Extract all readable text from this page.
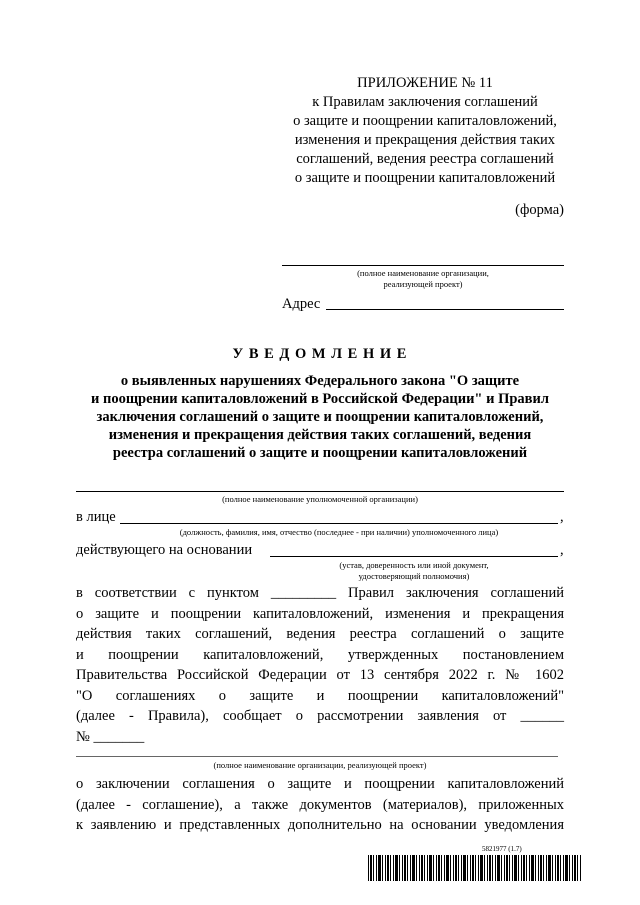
ПРИЛОЖЕНИЕ № 11
к Правилам заключения соглашений
о защите и поощрении капиталовложений,
изменения и прекращения действия таких
соглашений, ведения реестра соглашений
о защите и поощрении капиталовложений
(форма)
(полное наименование организации,
реализующей проект)
Адрес
У В Е Д О М Л Е Н И Е
о выявленных нарушениях Федерального закона "О защите
и поощрении капиталовложений в Российской Федерации" и Правил
заключения соглашений о защите и поощрении капиталовложений,
изменения и прекращения действия таких соглашений, ведения
реестра соглашений о защите и поощрении капиталовложений
(полное наименование уполномоченной организации)
в лице	,
(должность, фамилия, имя, отчество (последнее - при наличии) уполномоченного лица)
действующего на основании	,
(устав, доверенность или иной документ,
удостоверяющий полномочия)
в соответствии с пунктом _________ Правил заключения соглашений
о защите и поощрении капиталовложений, изменения и прекращения
действия таких соглашений, ведения реестра соглашений о защите
и поощрении капиталовложений, утвержденных постановлением
Правительства Российской Федерации от 13 сентября 2022 г. № 1602
"О соглашениях о защите и поощрении капиталовложений"
(далее - Правила), сообщает о рассмотрении заявления от ______
№ _______
(полное наименование организации, реализующей проект)
о заключении соглашения о защите и поощрении капиталовложений
(далее - соглашение), а также документов (материалов), приложенных
к заявлению и представленных дополнительно на основании уведомления
5821977 (1.7)
